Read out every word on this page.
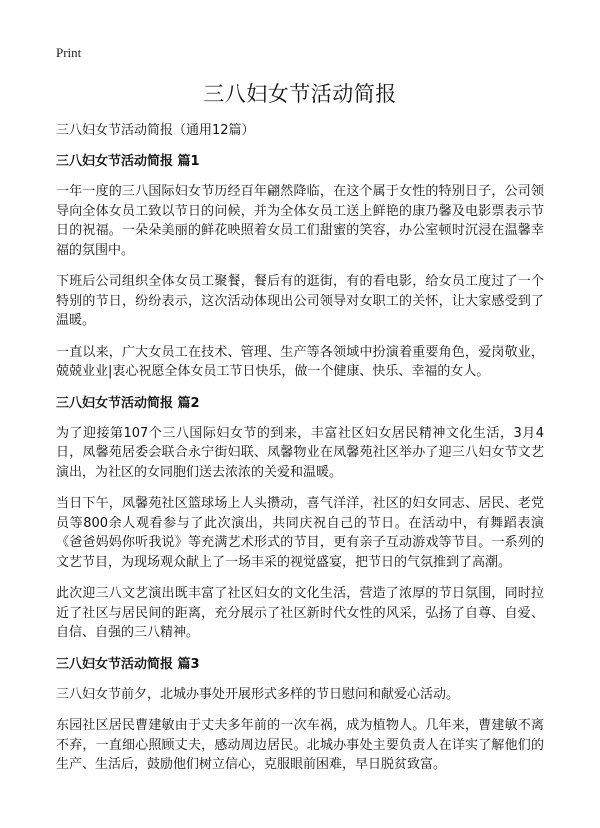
Print
三八妇女节活动简报

三八妇女节活动简报（通用12篇）

三八妇女节活动简报 篇1

一年一度的三八国际妇女节历经百年翩然降临，在这个属于女性的特别日子，公司领导向全体女员工致以节日的问候，并为全体女员工送上鲜艳的康乃馨及电影票表示节日的祝福。一朵朵美丽的鲜花映照着女员工们甜蜜的笑容，办公室顿时沉浸在温馨幸福的氛围中。

下班后公司组织全体女员工聚餐，餐后有的逛街，有的看电影，给女员工度过了一个特别的节日，纷纷表示，这次活动体现出公司领导对女职工的关怀，让大家感受到了温暖。

一直以来，广大女员工在技术、管理、生产等各领域中扮演着重要角色，爱岗敬业，兢兢业业|衷心祝愿全体女员工节日快乐，做一个健康、快乐、幸福的女人。

三八妇女节活动简报 篇2

为了迎接第107个三八国际妇女节的到来，丰富社区妇女居民精神文化生活，3月4日，凤馨苑居委会联合永宁街妇联、凤馨物业在凤馨苑社区举办了迎三八妇女节文艺演出，为社区的女同胞们送去浓浓的关爱和温暖。

当日下午，凤馨苑社区篮球场上人头攒动，喜气洋洋，社区的妇女同志、居民、老党员等800余人观看参与了此次演出，共同庆祝自己的节日。在活动中，有舞蹈表演《爸爸妈妈你听我说》等充满艺术形式的节目，更有亲子互动游戏等节目。一系列的文艺节目，为现场观众献上了一场丰采的视觉盛宴，把节日的气氛推到了高潮。

此次迎三八文艺演出既丰富了社区妇女的文化生活，营造了浓厚的节日氛围，同时拉近了社区与居民间的距离，充分展示了社区新时代女性的风采，弘扬了自尊、自爱、自信、自强的三八精神。

三八妇女节活动简报 篇3

三八妇女节前夕，北城办事处开展形式多样的节日慰问和献爱心活动。

东园社区居民曹建敏由于丈夫多年前的一次车祸，成为植物人。几年来，曹建敏不离不弃，一直细心照顾丈夫，感动周边居民。北城办事处主要负责人在详实了解他们的生产、生活后，鼓励他们树立信心，克服眼前困难，早日脱贫致富。
